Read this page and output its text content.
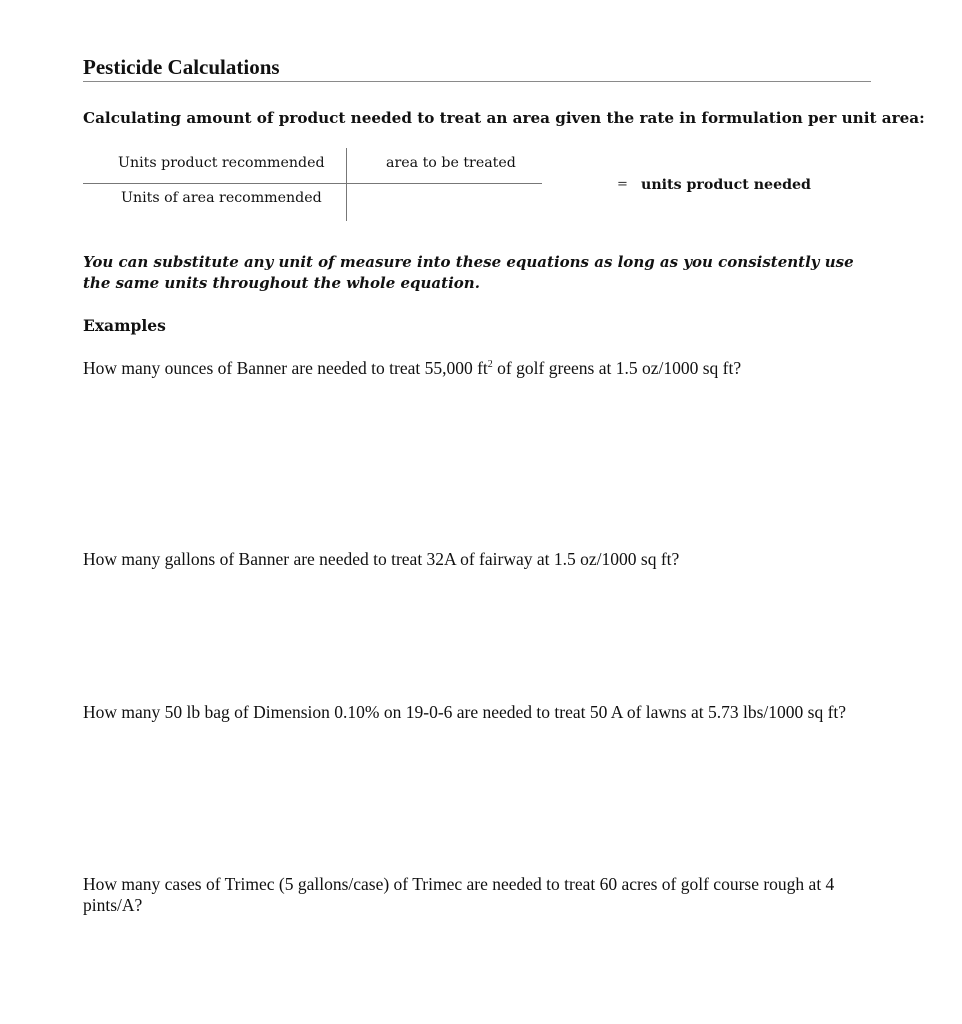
Pesticide Calculations
Calculating amount of product needed to treat an area given the rate in formulation per unit area:
Units product recommended	area to be treated
Units of area recommended
= units product needed
You can substitute any unit of measure into these equations as long as you consistently use the same units throughout the whole equation.
Examples
How many ounces of Banner are needed to treat 55,000 $ft^2$ of golf greens at 1.5 oz/1000 sq ft?
How many gallons of Banner are needed to treat 32A of fairway at 1.5 oz/1000 sq ft?
How many 50 lb bag of Dimension 0.10% on 19-0-6 are needed to treat 50 A of lawns at 5.73 lbs/1000 sq ft?
How many cases of Trimec (5 gallons/case) of Trimec are needed to treat 60 acres of golf course rough at 4 pints/A?
